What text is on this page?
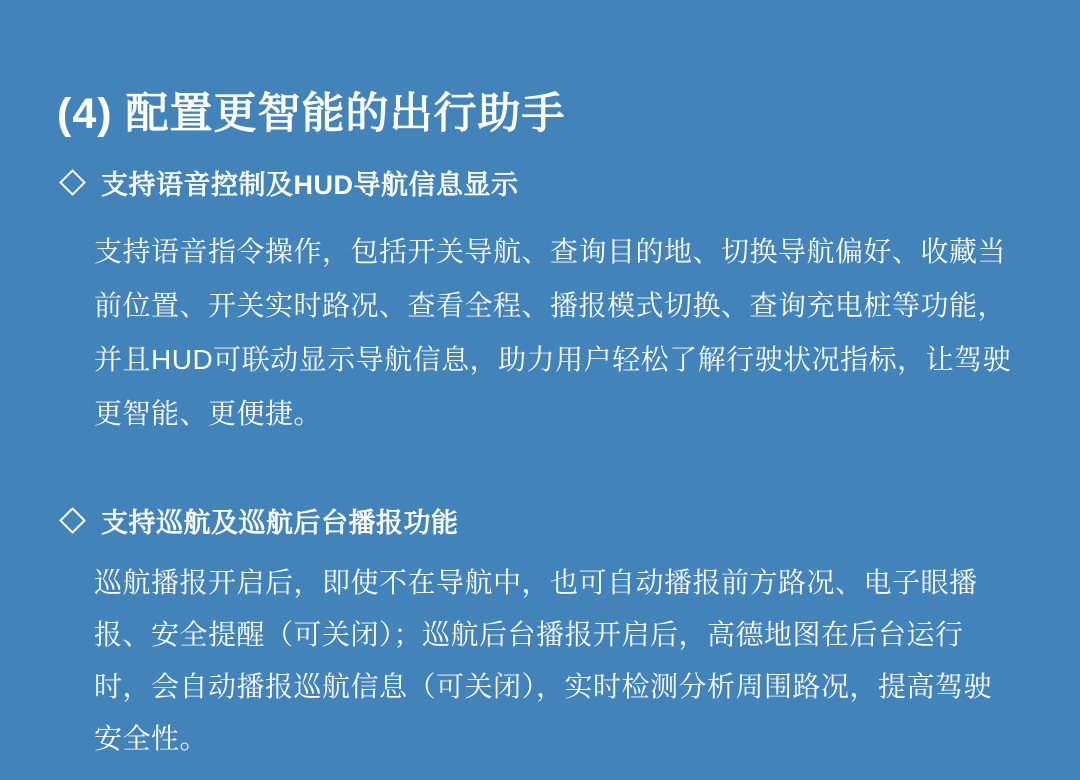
(4) 配置更智能的出行助手
支持语音控制及HUD导航信息显示
支持语音指令操作，包括开关导航、查询目的地、切换导航偏好、收藏当
前位置、开关实时路况、查看全程、播报模式切换、查询充电桩等功能，
并且HUD可联动显示导航信息，助力用户轻松了解行驶状况指标，让驾驶
更智能、更便捷。
支持巡航及巡航后台播报功能
巡航播报开启后，即使不在导航中，也可自动播报前方路况、电子眼播
报、安全提醒（可关闭）；巡航后台播报开启后，高德地图在后台运行
时，会自动播报巡航信息（可关闭），实时检测分析周围路况，提高驾驶
安全性。
